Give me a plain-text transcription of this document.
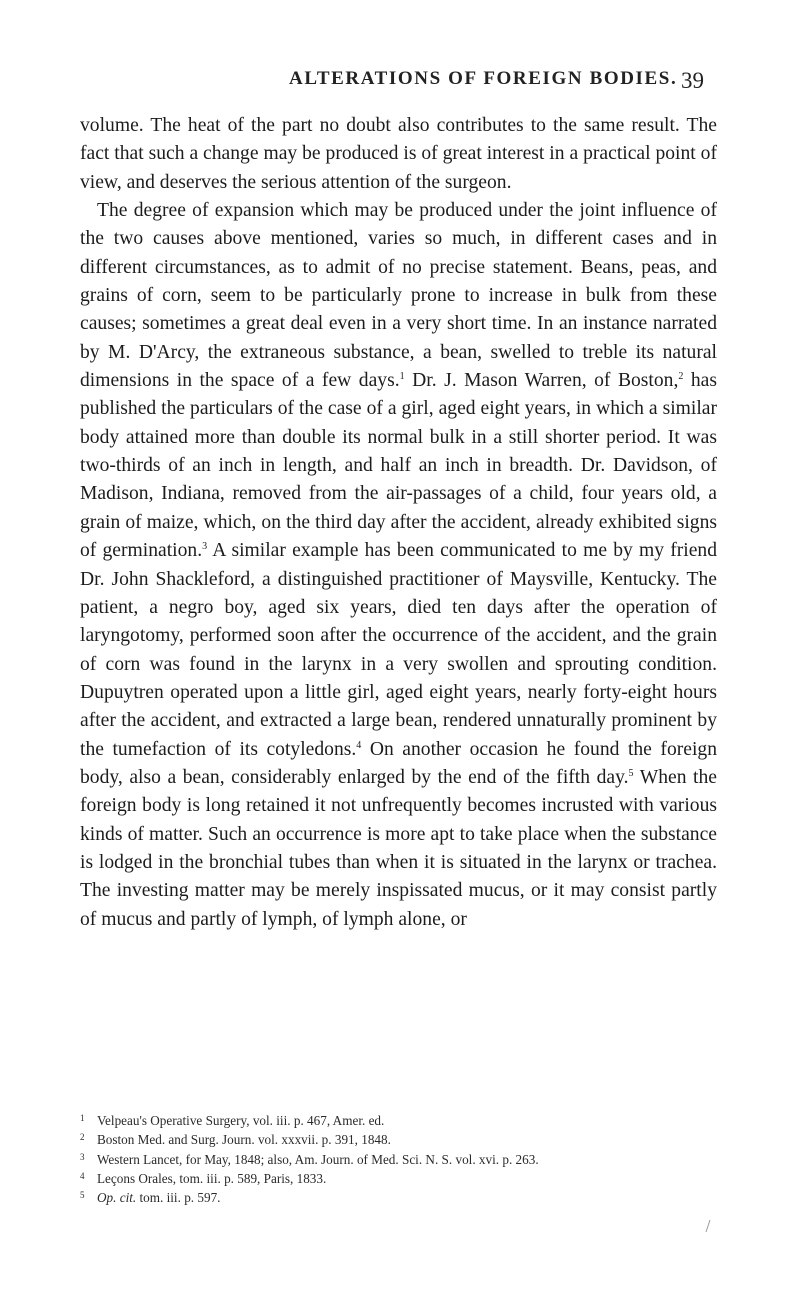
ALTERATIONS OF FOREIGN BODIES. 39

volume. The heat of the part no doubt also contributes to the same result. The fact that such a change may be produced is of great interest in a practical point of view, and deserves the serious attention of the surgeon.

The degree of expansion which may be produced under the joint influence of the two causes above mentioned, varies so much, in different cases and in different circumstances, as to admit of no precise statement. Beans, peas, and grains of corn, seem to be particularly prone to increase in bulk from these causes; sometimes a great deal even in a very short time. In an instance narrated by M. D'Arcy, the extraneous substance, a bean, swelled to treble its natural dimensions in the space of a few days.$^1$ Dr. J. Mason Warren, of Boston,$^2$ has published the particulars of the case of a girl, aged eight years, in which a similar body attained more than double its normal bulk in a still shorter period. It was two-thirds of an inch in length, and half an inch in breadth. Dr. Davidson, of Madison, Indiana, removed from the air-passages of a child, four years old, a grain of maize, which, on the third day after the accident, already exhibited signs of germination.$^3$ A similar example has been communicated to me by my friend Dr. John Shackleford, a distinguished practitioner of Maysville, Kentucky. The patient, a negro boy, aged six years, died ten days after the operation of laryngotomy, performed soon after the occurrence of the accident, and the grain of corn was found in the larynx in a very swollen and sprouting condition. Dupuytren operated upon a little girl, aged eight years, nearly forty-eight hours after the accident, and extracted a large bean, rendered unnaturally prominent by the tumefaction of its cotyledons.$^4$ On another occasion he found the foreign body, also a bean, considerably enlarged by the end of the fifth day.$^5$ When the foreign body is long retained it not unfrequently becomes incrusted with various kinds of matter. Such an occurrence is more apt to take place when the substance is lodged in the bronchial tubes than when it is situated in the larynx or trachea. The investing matter may be merely inspissated mucus, or it may consist partly of mucus and partly of lymph, of lymph alone, or

1 Velpeau's Operative Surgery, vol. iii. p. 467, Amer. ed.
2 Boston Med. and Surg. Journ. vol. xxxvii. p. 391, 1848.
3 Western Lancet, for May, 1848; also, Am. Journ. of Med. Sci. N. S. vol. xvi. p. 263.
4 Leçons Orales, tom. iii. p. 589, Paris, 1833.
5 Op. cit. tom. iii. p. 597.
